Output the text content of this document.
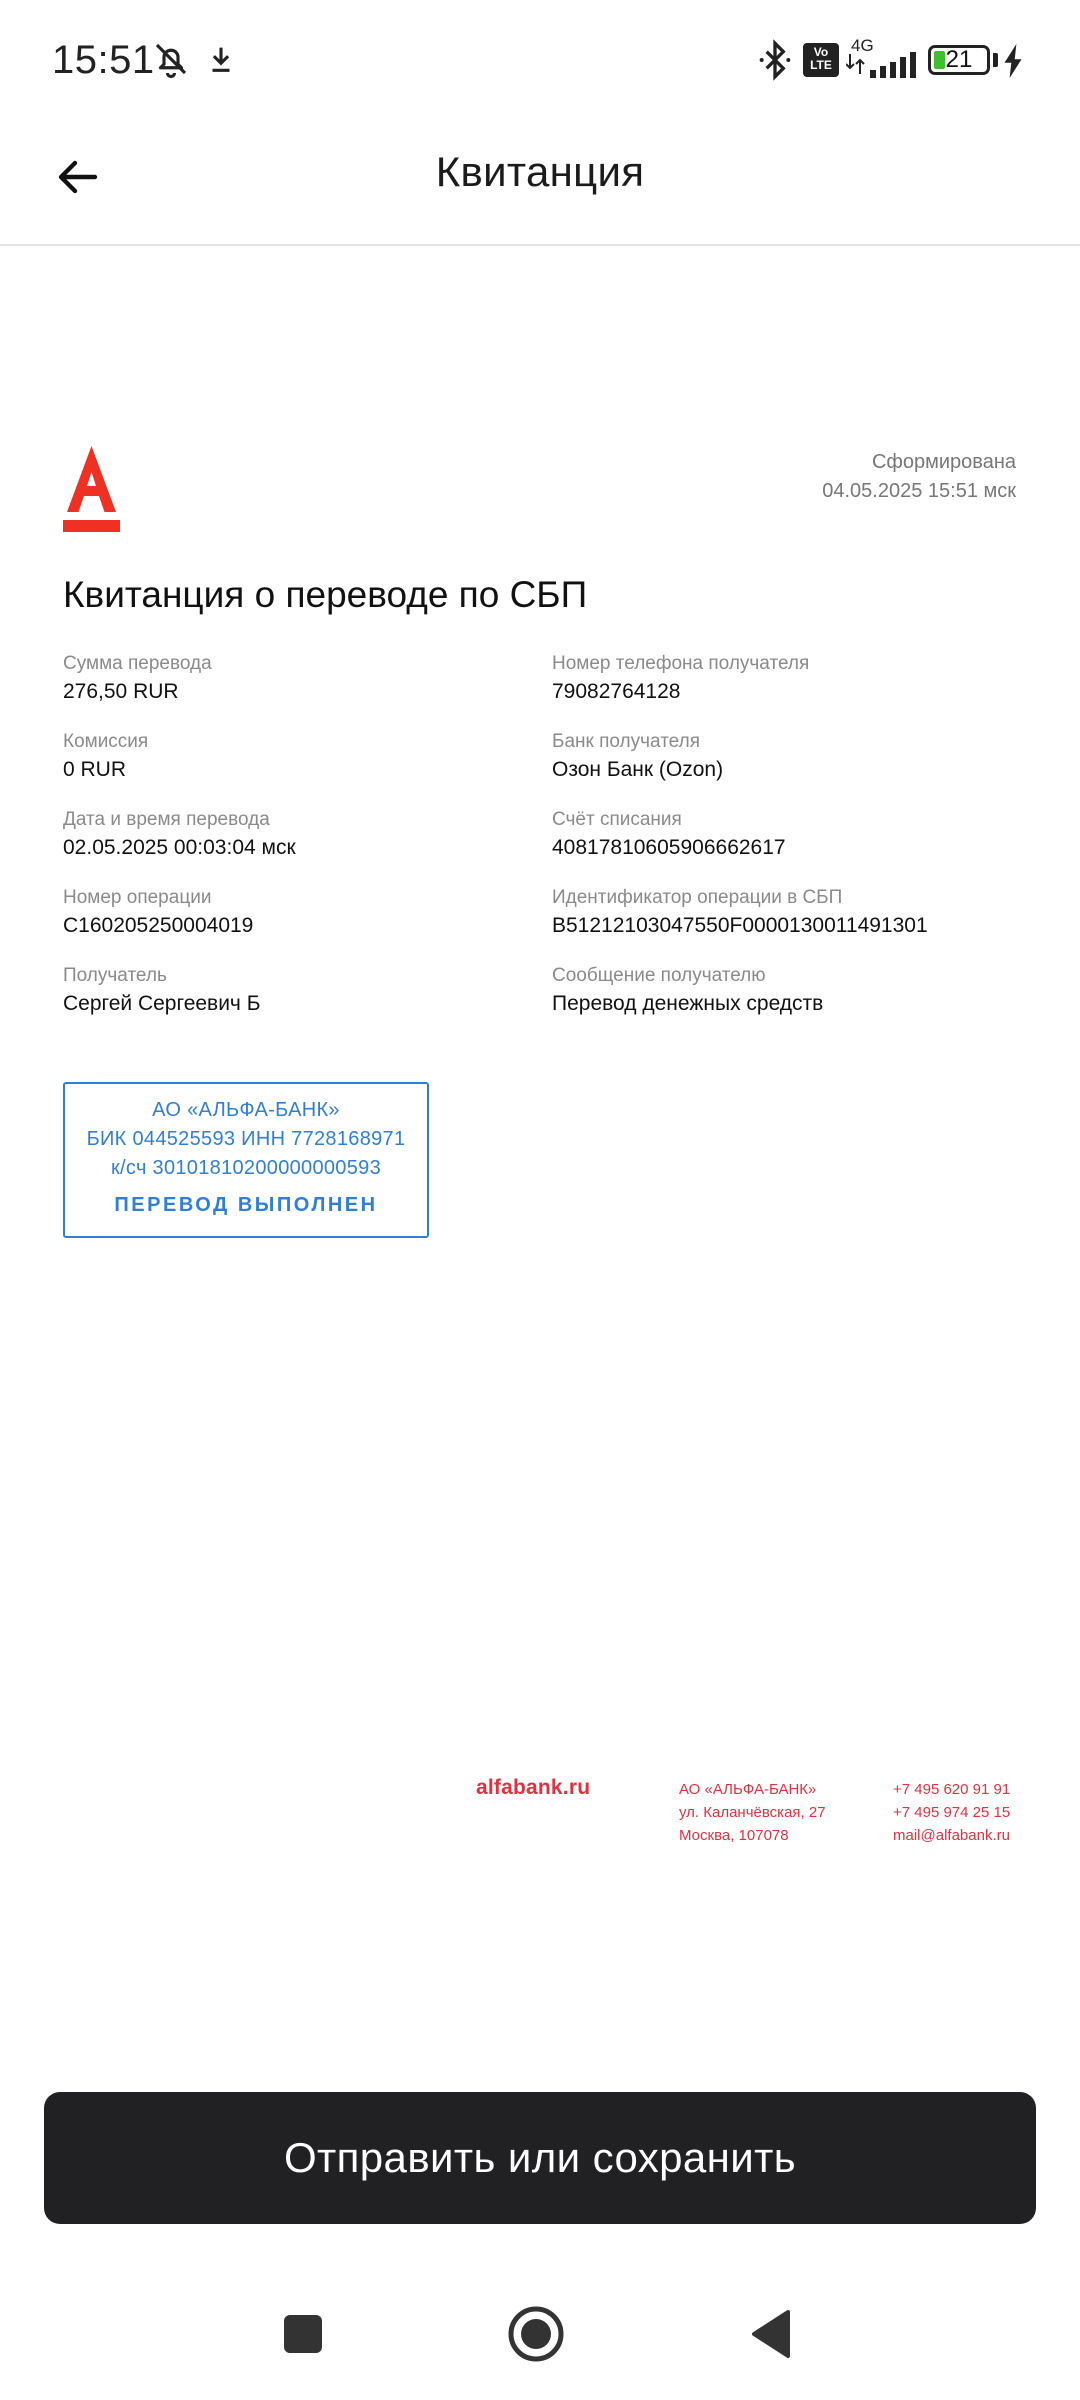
15:51	Vo
LTE
4G
21
Квитанция
Сформирована
04.05.2025 15:51 мск
Квитанция о переводе по СБП
Сумма перевода
276,50 RUR
Комиссия
0 RUR
Дата и время перевода
02.05.2025 00:03:04 мск
Номер операции
C160205250004019
Получатель
Сергей Сергеевич Б
Номер телефона получателя
79082764128
Банк получателя
Озон Банк (Ozon)
Счёт списания
40817810605906662617
Идентификатор операции в СБП
B51212103047550F0000130011491301
Сообщение получателю
Перевод денежных средств
АО «АЛЬФА-БАНК»
БИК 044525593 ИНН 7728168971
к/сч 30101810200000000593
ПЕРЕВОД ВЫПОЛНЕН
alfabank.ru	АО «АЛЬФА-БАНК»
ул. Каланчёвская, 27
Москва, 107078
+7 495 620 91 91
+7 495 974 25 15
mail@alfabank.ru
Отправить или сохранить
